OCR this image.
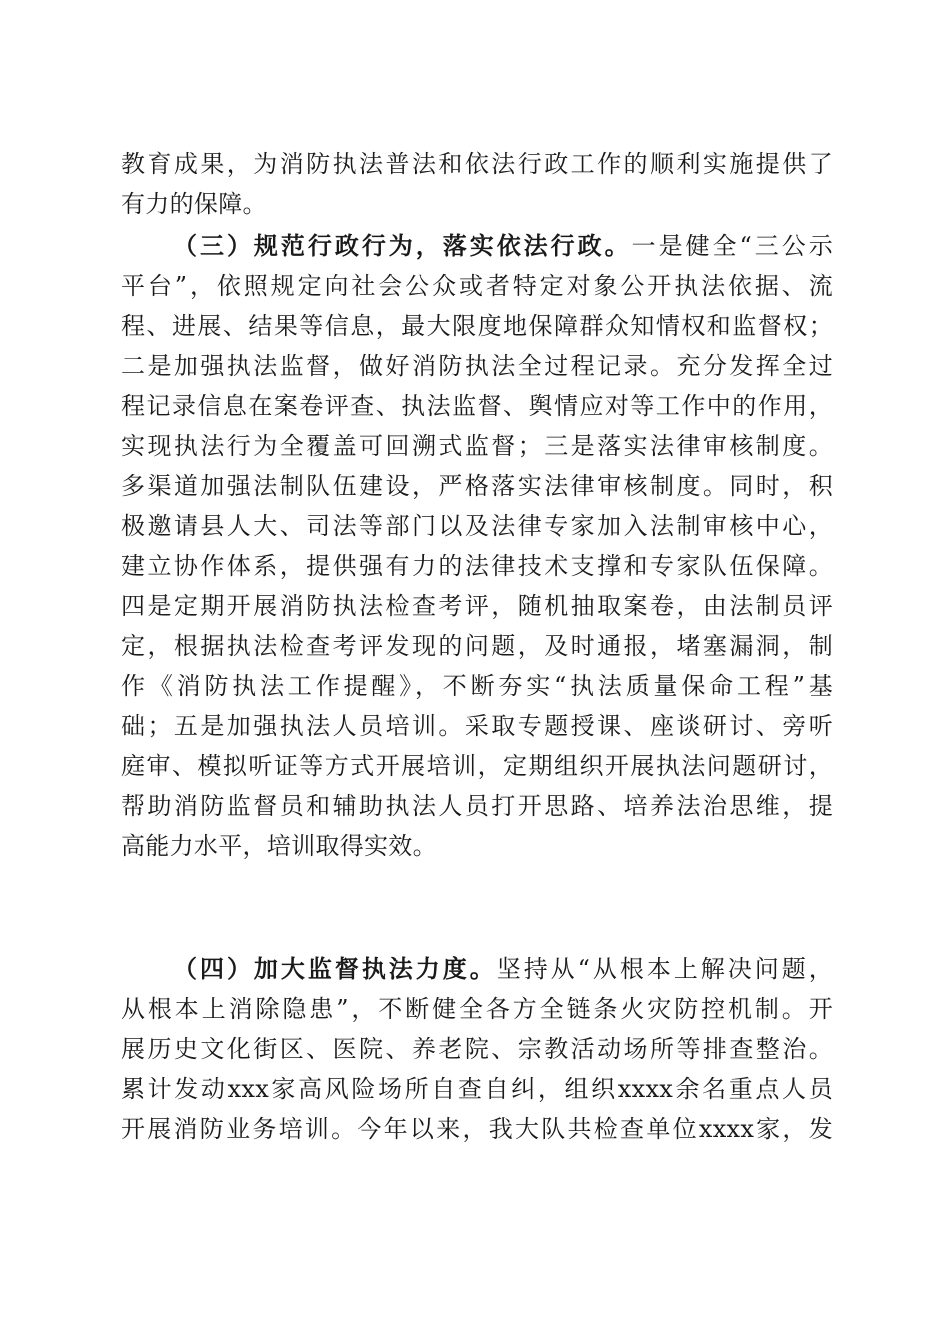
教育成果，为消防执法普法和依法行政工作的顺利实施提供了
有力的保障。
（三）规范行政行为，落实依法行政。一是健全“三公示
平台”，依照规定向社会公众或者特定对象公开执法依据、流
程、进展、结果等信息，最大限度地保障群众知情权和监督权；
二是加强执法监督，做好消防执法全过程记录。充分发挥全过
程记录信息在案卷评查、执法监督、舆情应对等工作中的作用，
实现执法行为全覆盖可回溯式监督；三是落实法律审核制度。
多渠道加强法制队伍建设，严格落实法律审核制度。同时，积
极邀请县人大、司法等部门以及法律专家加入法制审核中心，
建立协作体系，提供强有力的法律技术支撑和专家队伍保障。
四是定期开展消防执法检查考评，随机抽取案卷，由法制员评
定，根据执法检查考评发现的问题，及时通报，堵塞漏洞，制
作《消防执法工作提醒》，不断夯实“执法质量保命工程”基
础；五是加强执法人员培训。采取专题授课、座谈研讨、旁听
庭审、模拟听证等方式开展培训，定期组织开展执法问题研讨，
帮助消防监督员和辅助执法人员打开思路、培养法治思维，提
高能力水平，培训取得实效。
（四）加大监督执法力度。坚持从“从根本上解决问题，
从根本上消除隐患”，不断健全各方全链条火灾防控机制。开
展历史文化街区、医院、养老院、宗教活动场所等排查整治。
累计发动xxx家高风险场所自查自纠，组织xxxx余名重点人员
开展消防业务培训。今年以来，我大队共检查单位xxxx家，发
